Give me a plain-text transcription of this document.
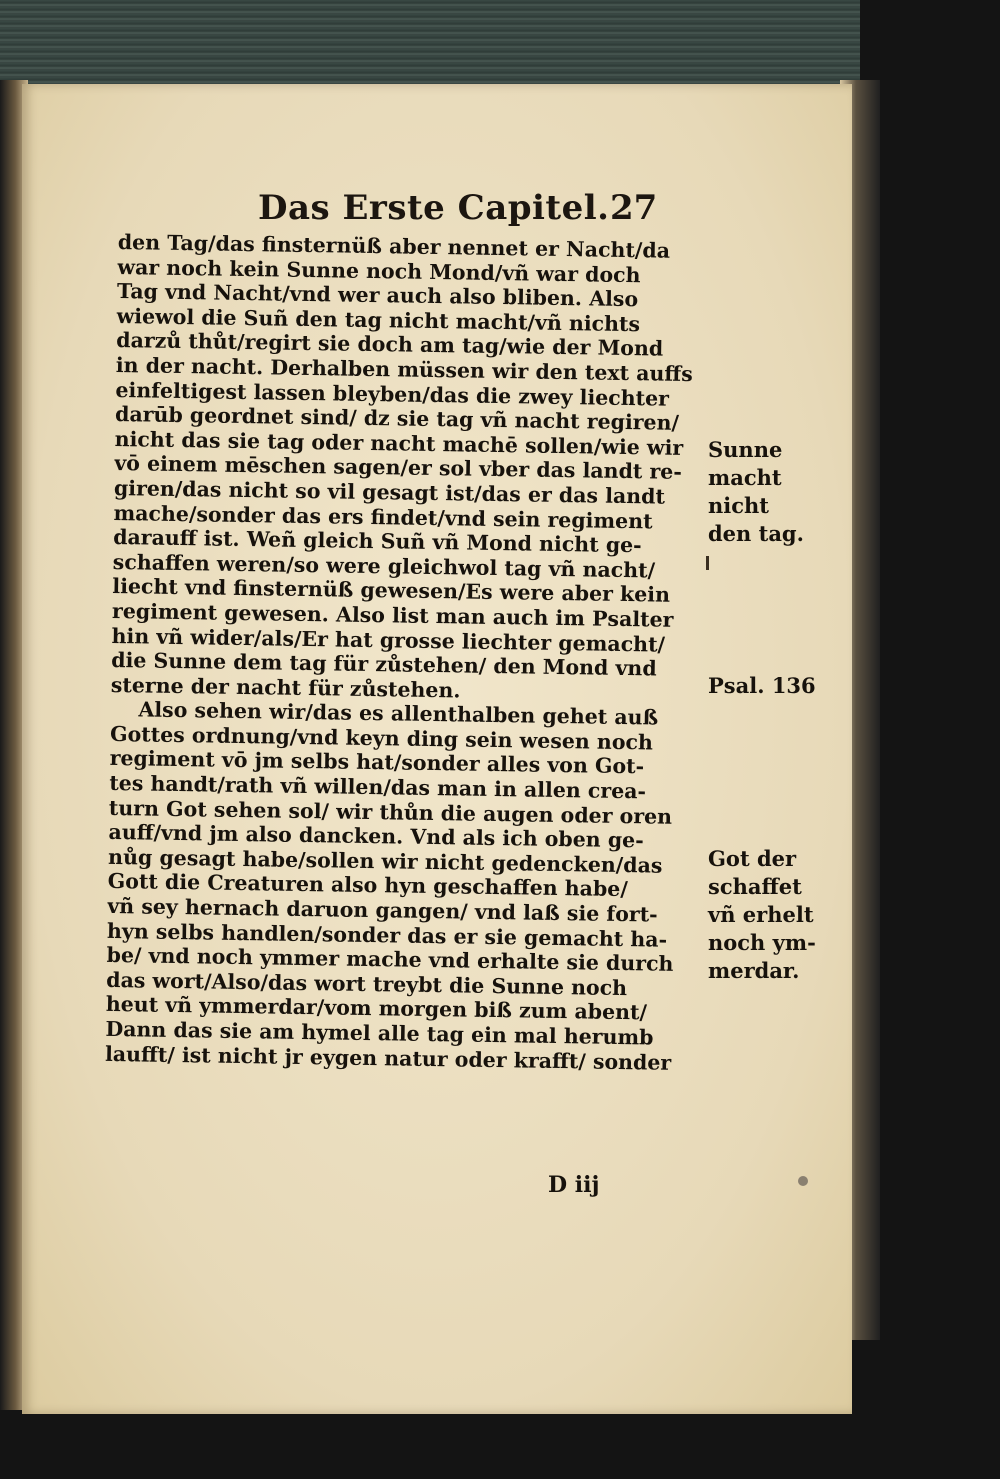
Das Erste Capitel. 27
den Tag/das finsternüß aber nennet er Nacht/da
war noch kein Sunne noch Mond/vñ war doch
Tag vnd Nacht/vnd wer auch also bliben. Also
wiewol die Suñ den tag nicht macht/vñ nichts
darzů thůt/regirt sie doch am tag/wie der Mond
in der nacht. Derhalben müssen wir den text auffs
einfeltigest lassen bleyben/das die zwey liechter
darūb geordnet sind/ dz sie tag vñ nacht regiren/
nicht das sie tag oder nacht machē sollen/wie wir
vō einem mēschen sagen/er sol vber das landt re-
giren/das nicht so vil gesagt ist/das er das landt
mache/sonder das ers findet/vnd sein regiment
darauff ist. Weñ gleich Suñ vñ Mond nicht ge-
schaffen weren/so were gleichwol tag vñ nacht/
liecht vnd finsternüß gewesen/Es were aber kein
regiment gewesen. Also list man auch im Psalter
hin vñ wider/als/Er hat grosse liechter gemacht/
die Sunne dem tag für zůstehen/ den Mond vnd
sterne der nacht für zůstehen.
Also sehen wir/das es allenthalben gehet auß
Gottes ordnung/vnd keyn ding sein wesen noch
regiment vō jm selbs hat/sonder alles von Got-
tes handt/rath vñ willen/das man in allen crea-
turn Got sehen sol/ wir thůn die augen oder oren
auff/vnd jm also dancken. Vnd als ich oben ge-
nůg gesagt habe/sollen wir nicht gedencken/das
Gott die Creaturen also hyn geschaffen habe/
vñ sey hernach daruon gangen/ vnd laß sie fort-
hyn selbs handlen/sonder das er sie gemacht ha-
be/ vnd noch ymmer mache vnd erhalte sie durch
das wort/Also/das wort treybt die Sunne noch
heut vñ ymmerdar/vom morgen biß zum abent/
Dann das sie am hymel alle tag ein mal herumb
laufft/ ist nicht jr eygen natur oder krafft/ sonder
Sunne
macht
nicht
den tag.
Psal. 136
Got der
schaffet
vñ erhelt
noch ym-
merdar.
D iij
